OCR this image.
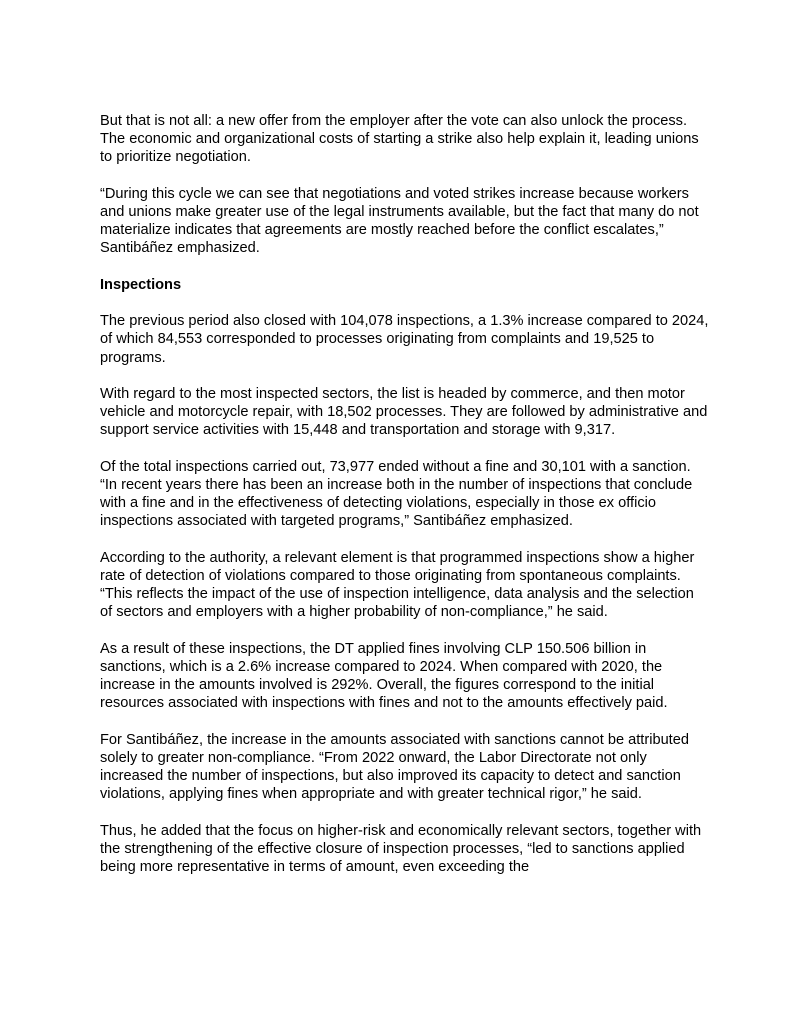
But that is not all: a new offer from the employer after the vote can also unlock the process. The economic and organizational costs of starting a strike also help explain it, leading unions to prioritize negotiation.

“During this cycle we can see that negotiations and voted strikes increase because workers and unions make greater use of the legal instruments available, but the fact that many do not materialize indicates that agreements are mostly reached before the conflict escalates,” Santibáñez emphasized.

Inspections

The previous period also closed with 104,078 inspections, a 1.3% increase compared to 2024, of which 84,553 corresponded to processes originating from complaints and 19,525 to programs.

With regard to the most inspected sectors, the list is headed by commerce, and then motor vehicle and motorcycle repair, with 18,502 processes. They are followed by administrative and support service activities with 15,448 and transportation and storage with 9,317.

Of the total inspections carried out, 73,977 ended without a fine and 30,101 with a sanction. “In recent years there has been an increase both in the number of inspections that conclude with a fine and in the effectiveness of detecting violations, especially in those ex officio inspections associated with targeted programs,” Santibáñez emphasized.

According to the authority, a relevant element is that programmed inspections show a higher rate of detection of violations compared to those originating from spontaneous complaints. “This reflects the impact of the use of inspection intelligence, data analysis and the selection of sectors and employers with a higher probability of non-compliance,” he said.

As a result of these inspections, the DT applied fines involving CLP 150.506 billion in sanctions, which is a 2.6% increase compared to 2024. When compared with 2020, the increase in the amounts involved is 292%. Overall, the figures correspond to the initial resources associated with inspections with fines and not to the amounts effectively paid.

For Santibáñez, the increase in the amounts associated with sanctions cannot be attributed solely to greater non-compliance. “From 2022 onward, the Labor Directorate not only increased the number of inspections, but also improved its capacity to detect and sanction violations, applying fines when appropriate and with greater technical rigor,” he said.

Thus, he added that the focus on higher-risk and economically relevant sectors, together with the strengthening of the effective closure of inspection processes, “led to sanctions applied being more representative in terms of amount, even exceeding the
